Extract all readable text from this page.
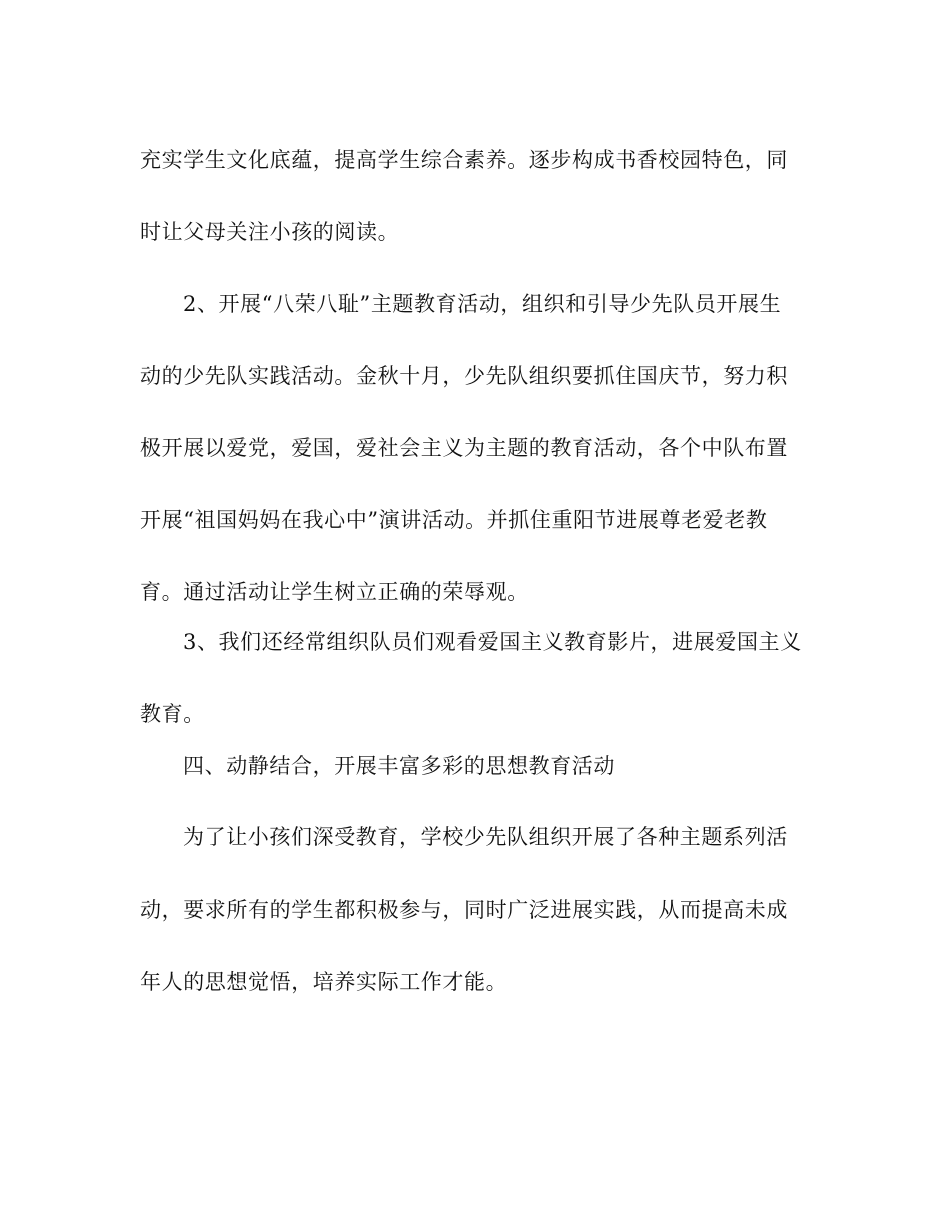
充实学生文化底蕴，提高学生综合素养。逐步构成书香校园特色，同
时让父母关注小孩的阅读。
2、开展“八荣八耻”主题教育活动，组织和引导少先队员开展生
动的少先队实践活动。金秋十月，少先队组织要抓住国庆节，努力积
极开展以爱党，爱国，爱社会主义为主题的教育活动，各个中队布置
开展“祖国妈妈在我心中”演讲活动。并抓住重阳节进展尊老爱老教
育。通过活动让学生树立正确的荣辱观。
3、我们还经常组织队员们观看爱国主义教育影片，进展爱国主义
教育。
四、动静结合，开展丰富多彩的思想教育活动
为了让小孩们深受教育，学校少先队组织开展了各种主题系列活
动，要求所有的学生都积极参与，同时广泛进展实践，从而提高未成
年人的思想觉悟，培养实际工作才能。
